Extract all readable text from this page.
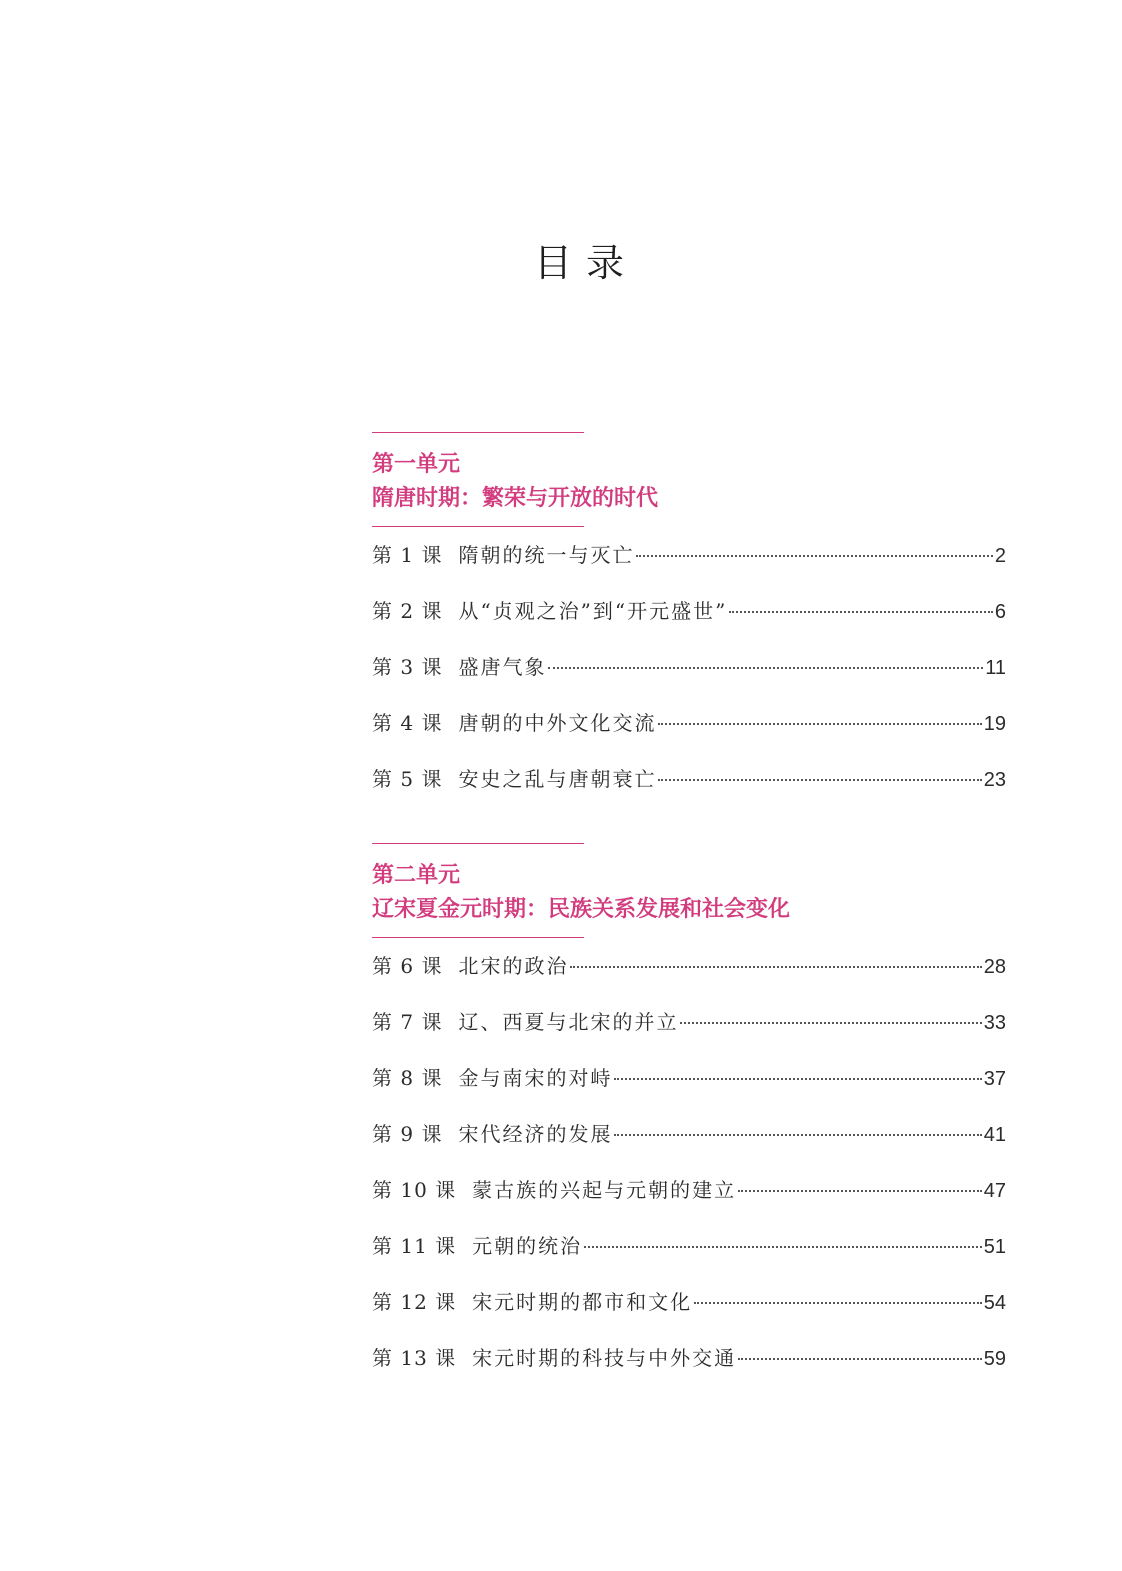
目录
第一单元
隋唐时期：繁荣与开放的时代
第 1 课 隋朝的统一与灭亡	2
第 2 课 从“贞观之治”到“开元盛世”	6
第 3 课 盛唐气象	11
第 4 课 唐朝的中外文化交流	19
第 5 课 安史之乱与唐朝衰亡	23
第二单元
辽宋夏金元时期：民族关系发展和社会变化
第 6 课 北宋的政治	28
第 7 课 辽、西夏与北宋的并立	33
第 8 课 金与南宋的对峙	37
第 9 课 宋代经济的发展	41
第 10 课 蒙古族的兴起与元朝的建立	47
第 11 课 元朝的统治	51
第 12 课 宋元时期的都市和文化	54
第 13 课 宋元时期的科技与中外交通	59
